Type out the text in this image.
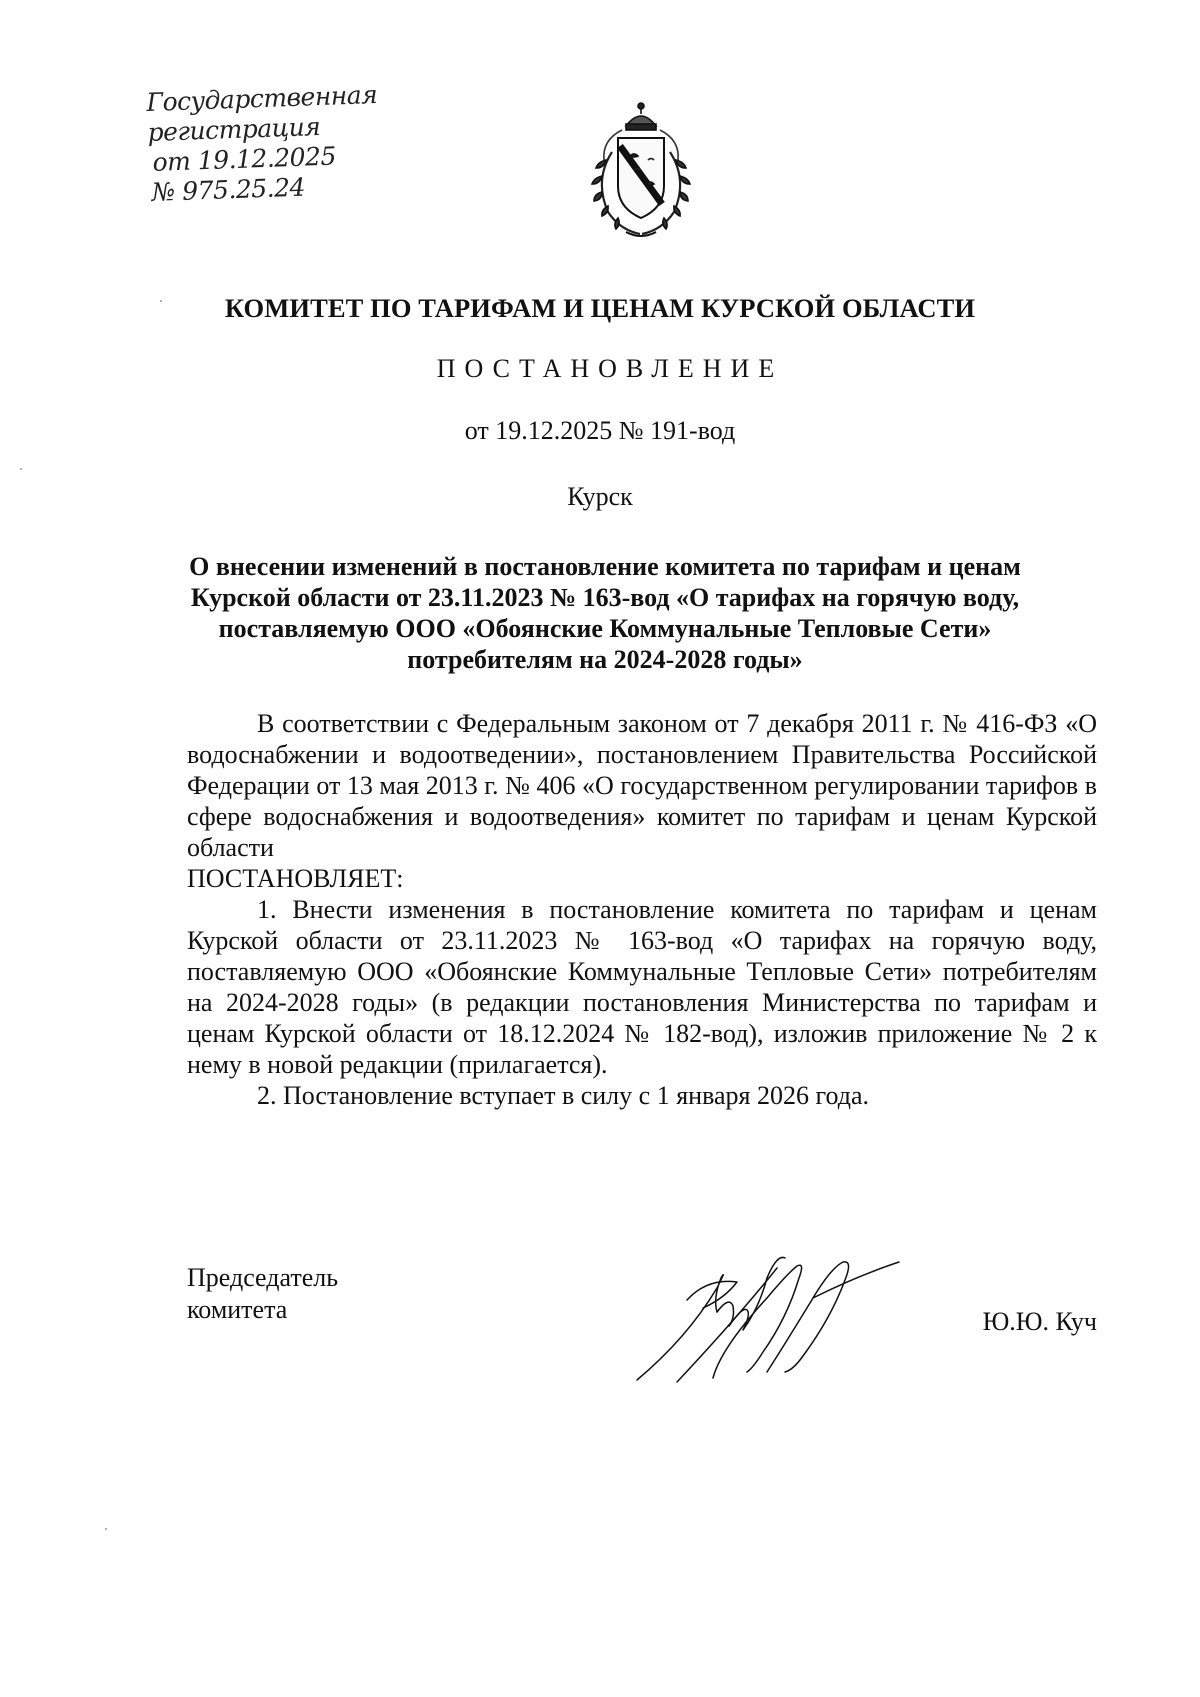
Государственная
регистрация
от 19.12.2025
№ 975.25.24
КОМИТЕТ ПО ТАРИФАМ И ЦЕНАМ КУРСКОЙ ОБЛАСТИ
ПОСТАНОВЛЕНИЕ
от 19.12.2025 № 191-вод
Курск
О внесении изменений в постановление комитета по тарифам и ценам Курской области от 23.11.2023 № 163-вод «О тарифах на горячую воду, поставляемую ООО «Обоянские Коммунальные Тепловые Сети» потребителям на 2024-2028 годы»

В соответствии с Федеральным законом от 7 декабря 2011 г. № 416-ФЗ «О водоснабжении и водоотведении», постановлением Правительства Российской Федерации от 13 мая 2013 г. № 406 «О государственном регулировании тарифов в сфере водоснабжения и водоотведения» комитет по тарифам и ценам Курской области

ПОСТАНОВЛЯЕТ:

1. Внести изменения в постановление комитета по тарифам и ценам Курской области от 23.11.2023 № 163-вод «О тарифах на горячую воду, поставляемую ООО «Обоянские Коммунальные Тепловые Сети» потребителям на 2024-2028 годы» (в редакции постановления Министерства по тарифам и ценам Курской области от 18.12.2024 № 182-вод), изложив приложение № 2 к нему в новой редакции (прилагается).

2. Постановление вступает в силу с 1 января 2026 года.

Председатель
комитета	Ю.Ю. Куч
